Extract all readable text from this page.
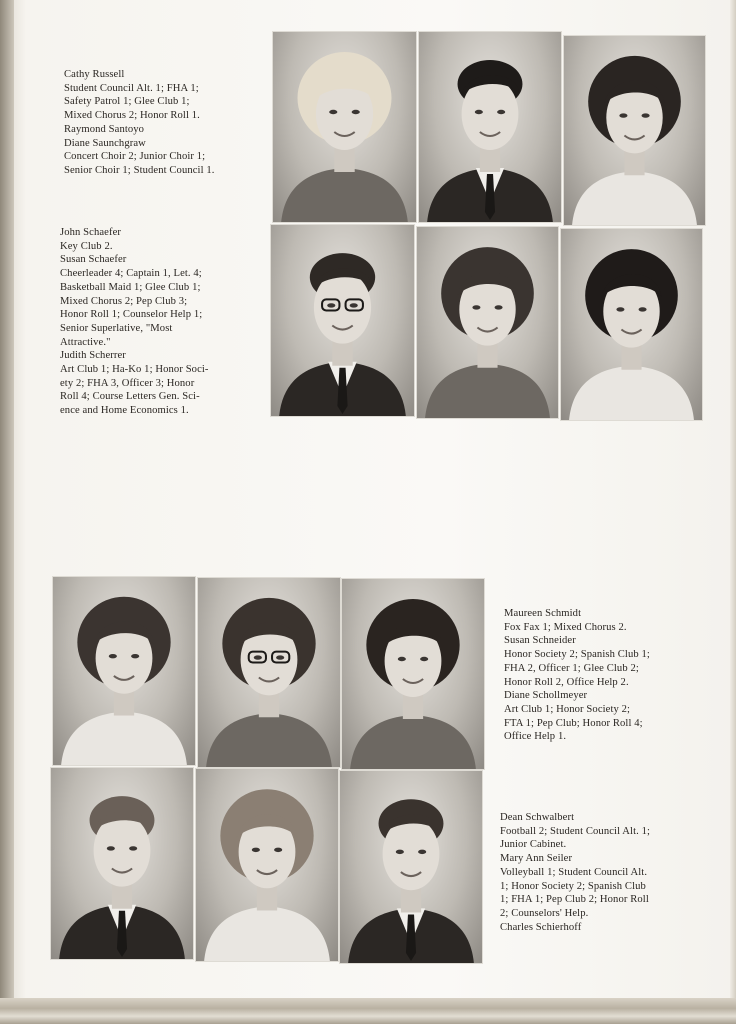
Cathy Russell
Student Council Alt. 1; FHA 1;
Safety Patrol 1; Glee Club 1;
Mixed Chorus 2; Honor Roll 1.
Raymond Santoyo
Diane Saunchgraw
Concert Choir 2; Junior Choir 1;
Senior Choir 1; Student Council 1.
John Schaefer
Key Club 2.
Susan Schaefer
Cheerleader 4; Captain 1, Let. 4;
Basketball Maid 1; Glee Club 1;
Mixed Chorus 2; Pep Club 3;
Honor Roll 1; Counselor Help 1;
Senior Superlative, "Most
Attractive."
Judith Scherrer
Art Club 1; Ha-Ko 1; Honor Soci-
ety 2; FHA 3, Officer 3; Honor
Roll 4; Course Letters Gen. Sci-
ence and Home Economics 1.
Maureen Schmidt
Fox Fax 1; Mixed Chorus 2.
Susan Schneider
Honor Society 2; Spanish Club 1;
FHA 2, Officer 1; Glee Club 2;
Honor Roll 2, Office Help 2.
Diane Schollmeyer
Art Club 1; Honor Society 2;
FTA 1; Pep Club; Honor Roll 4;
Office Help 1.
Dean Schwalbert
Football 2; Student Council Alt. 1;
Junior Cabinet.
Mary Ann Seiler
Volleyball 1; Student Council Alt.
1; Honor Society 2; Spanish Club
1; FHA 1; Pep Club 2; Honor Roll
2; Counselors' Help.
Charles Schierhoff
